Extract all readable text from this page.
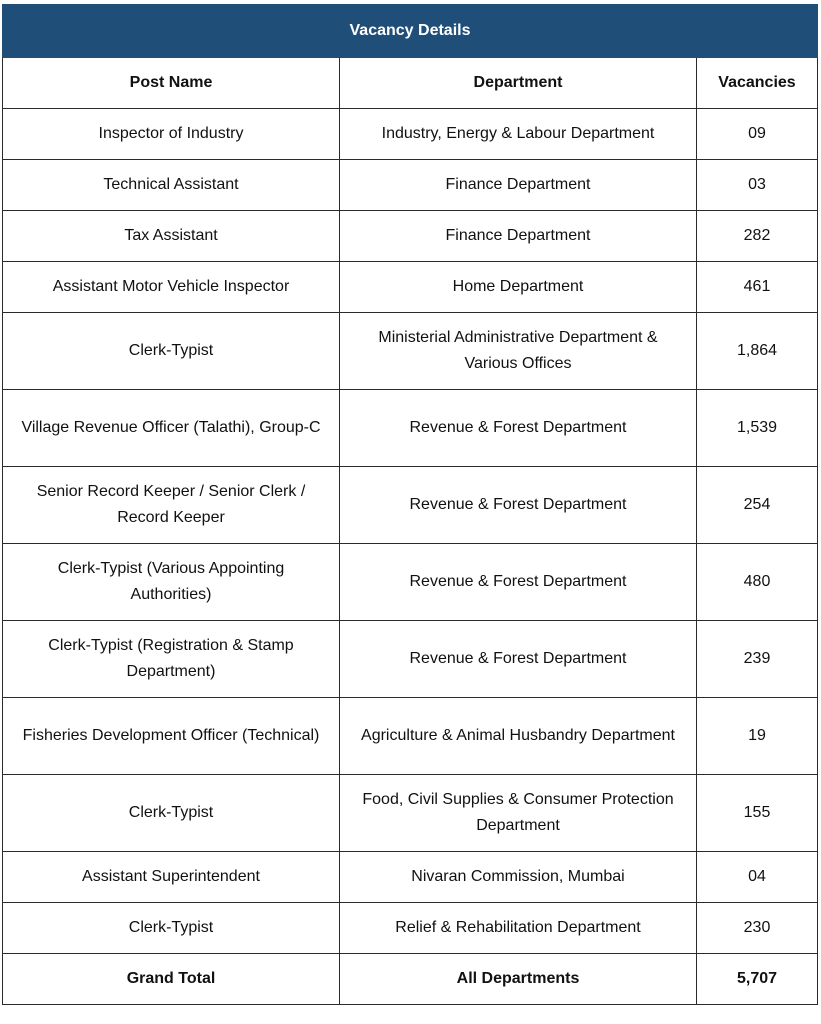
Vacancy Details		
Post Name	Department	Vacancies
Inspector of Industry	Industry, Energy & Labour Department	09
Technical Assistant	Finance Department	03
Tax Assistant	Finance Department	282
Assistant Motor Vehicle Inspector	Home Department	461
Clerk-Typist	Ministerial Administrative Department & Various Offices	1,864
Village Revenue Officer (Talathi), Group-C	Revenue & Forest Department	1,539
Senior Record Keeper / Senior Clerk / Record Keeper	Revenue & Forest Department	254
Clerk-Typist (Various Appointing Authorities)	Revenue & Forest Department	480
Clerk-Typist (Registration & Stamp Department)	Revenue & Forest Department	239
Fisheries Development Officer (Technical)	Agriculture & Animal Husbandry Department	19
Clerk-Typist	Food, Civil Supplies & Consumer Protection Department	155
Assistant Superintendent	Nivaran Commission, Mumbai	04
Clerk-Typist	Relief & Rehabilitation Department	230
Grand Total	All Departments	5,707
